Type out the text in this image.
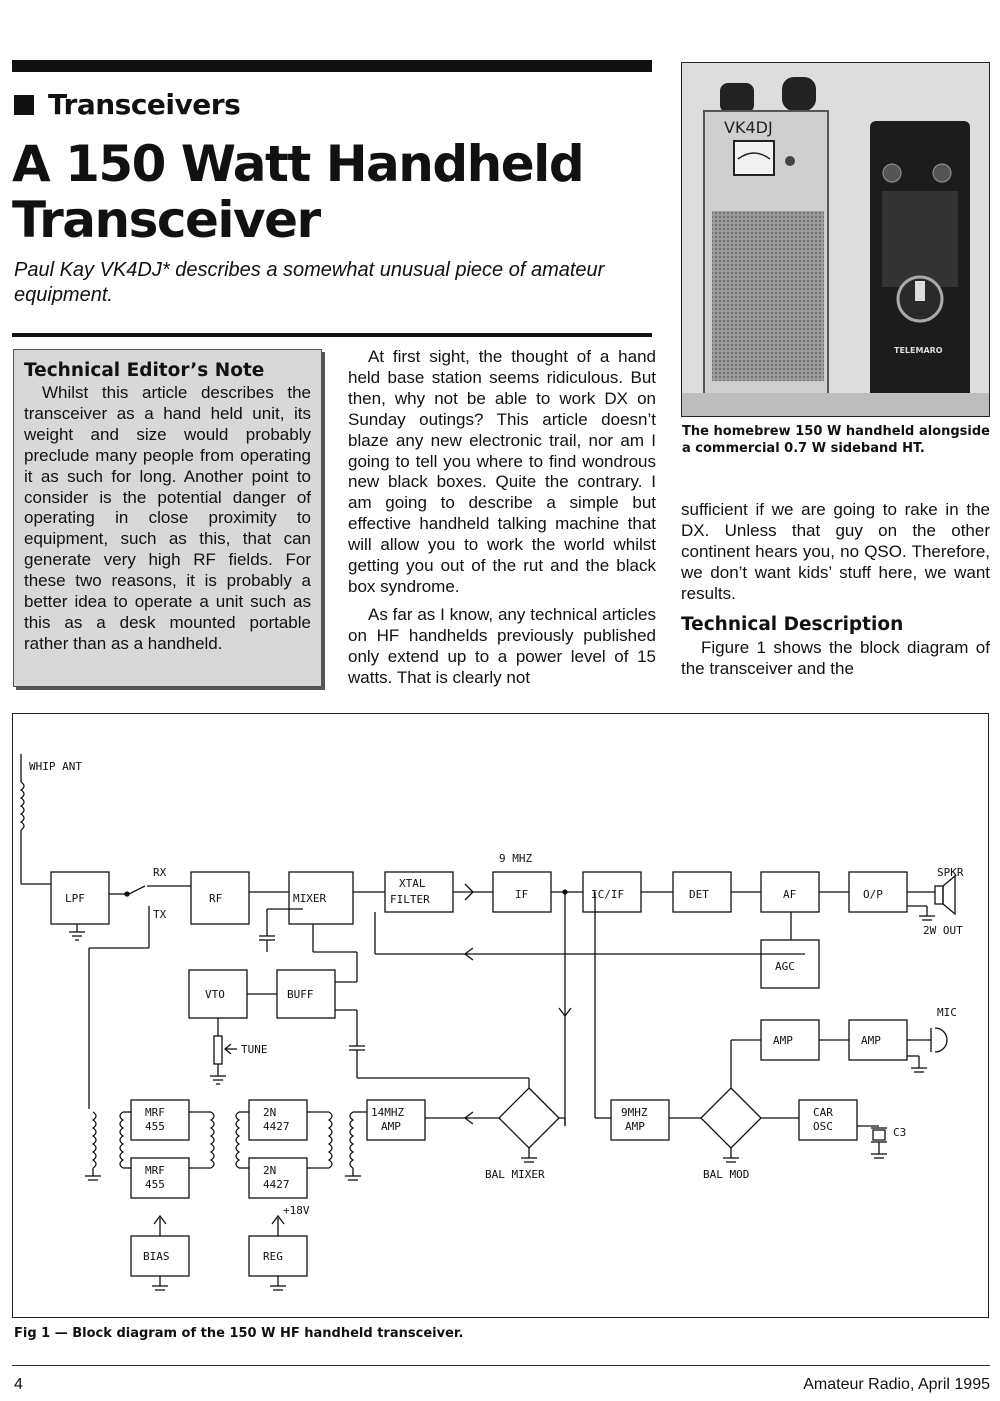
Transceivers
A 150 Watt Handheld Transceiver
Paul Kay VK4DJ* describes a somewhat unusual piece of amateur equipment.
Technical Editor’s Note

Whilst this article describes the transceiver as a hand held unit, its weight and size would probably preclude many people from operating it as such for long. Another point to consider is the potential danger of operating in close proximity to equipment, such as this, that can generate very high RF fields. For these two reasons, it is probably a better idea to operate a unit such as this as a desk mounted portable rather than as a handheld.

At first sight, the thought of a hand held base station seems ridiculous. But then, why not be able to work DX on Sunday outings? This article doesn’t blaze any new electronic trail, nor am I going to tell you where to find wondrous new black boxes. Quite the contrary. I am going to describe a simple but effective handheld talking machine that will allow you to work the world whilst getting you out of the rut and the black box syndrome.

As far as I know, any technical articles on HF handhelds previously published only extend up to a power level of 15 watts. That is clearly not

VK4DJ
TELEMARO
The homebrew 150 W handheld alongside a commercial 0.7 W sideband HT.

sufficient if we are going to rake in the DX. Unless that guy on the other continent hears you, no QSO. Therefore, we don’t want kids’ stuff here, we want results.

Technical Description

Figure 1 shows the block diagram of the transceiver and the

WHIP ANT
LPF
RX
TX
RF	MIXER
XTAL
FILTER
9 MHZ
IF	IC/IF	DET	AF
AGC
O/P
SPKR
2W OUT
VTO	BUFF
TUNE
AMP	AMP
MIC
MRF
455
MRF
455
2N
4427
2N
4427
14MHZ
AMP
BAL MIXER
9MHZ
AMP
BAL MOD
CAR
OSC	C3
BIAS
+18V
REG
Fig 1 — Block diagram of the 150 W HF handheld transceiver.
4	Amateur Radio, April 1995
